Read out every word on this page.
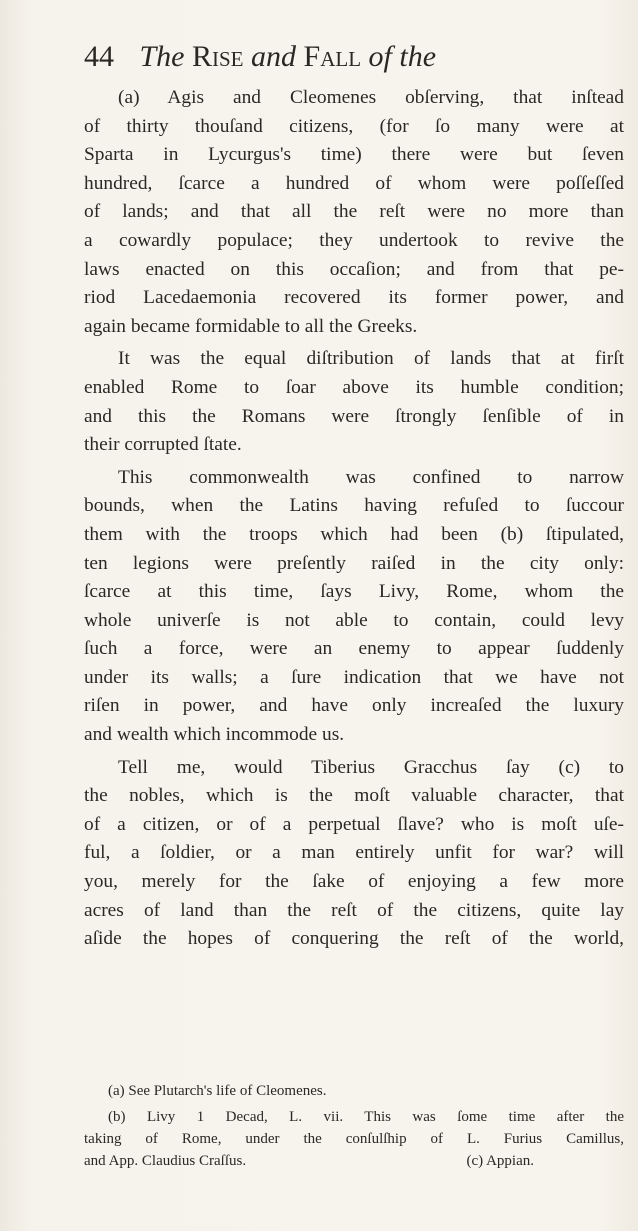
44 The Rise and Fall of the
(a) Agis and Cleomenes obſerving, that inſtead
of thirty thouſand citizens, (for ſo many were at
Sparta in Lycurgus's time) there were but ſeven
hundred, ſcarce a hundred of whom were poſſeſſed
of lands; and that all the reſt were no more than
a cowardly populace; they undertook to revive the
laws enacted on this occaſion; and from that pe-
riod Lacedaemonia recovered its former power, and
again became formidable to all the Greeks.
It was the equal diſtribution of lands that at firſt
enabled Rome to ſoar above its humble condition;
and this the Romans were ſtrongly ſenſible of in
their corrupted ſtate.
This commonwealth was confined to narrow
bounds, when the Latins having refuſed to ſuccour
them with the troops which had been (b) ſtipulated,
ten legions were preſently raiſed in the city only:
ſcarce at this time, ſays Livy, Rome, whom the
whole univerſe is not able to contain, could levy
ſuch a force, were an enemy to appear ſuddenly
under its walls; a ſure indication that we have not
riſen in power, and have only increaſed the luxury
and wealth which incommode us.
Tell me, would Tiberius Gracchus ſay (c) to
the nobles, which is the moſt valuable character, that
of a citizen, or of a perpetual ſlave? who is moſt uſe-
ful, a ſoldier, or a man entirely unfit for war? will
you, merely for the ſake of enjoying a few more
acres of land than the reſt of the citizens, quite lay
aſide the hopes of conquering the reſt of the world,
(a) See Plutarch's life of Cleomenes.
(b) Livy 1 Decad, L. vii. This was ſome time after the
taking of Rome, under the conſulſhip of L. Furius Camillus,
and App. Claudius Craſſus.	(c) Appian.
